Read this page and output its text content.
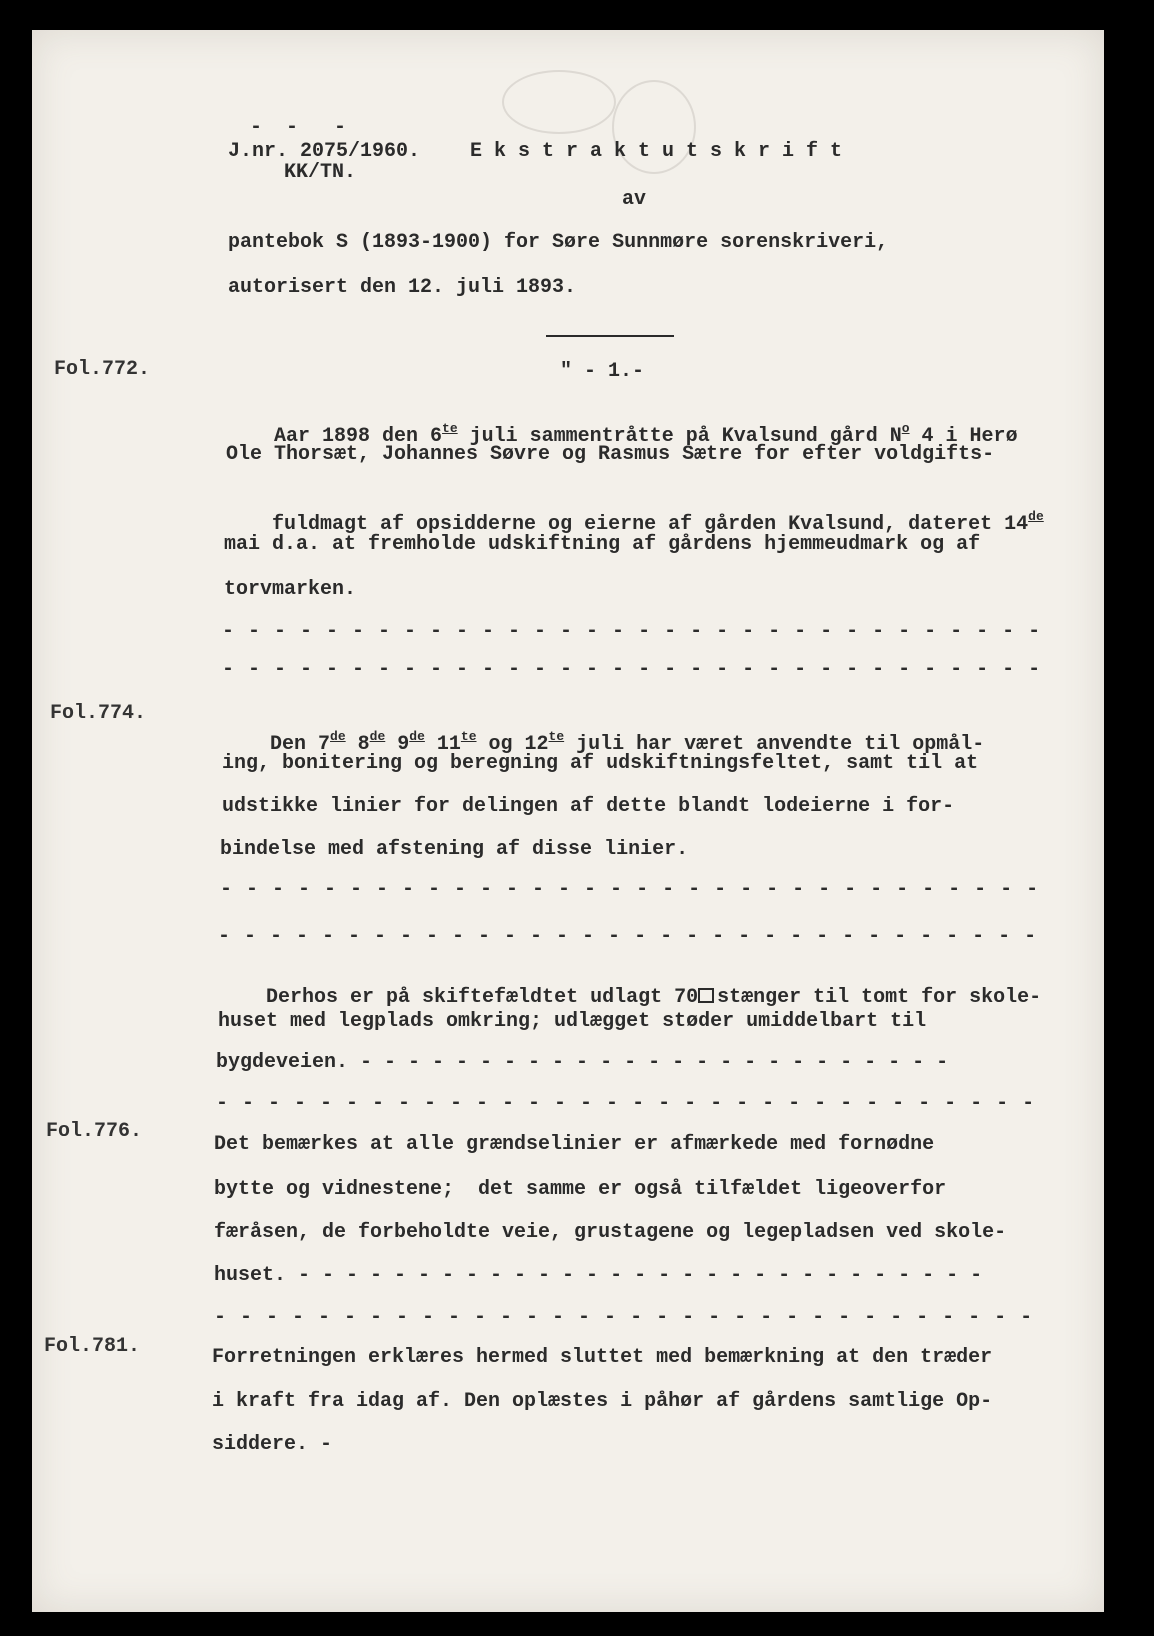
-  -   -
J.nr. 2075/1960. E k s t r a k t u t s k r i f t
KK/TN.
av
pantebok S (1893-1900) for Søre Sunnmøre sorenskriveri,
autorisert den 12. juli 1893.
" - 1.-
Fol.772.
Fol.774.
Fol.776.
Fol.781.

Aar 1898 den $6^{te}$ juli sammentråtte på Kvalsund gård $N^o$ 4 i Herø

Ole Thorsæt, Johannes Søvre og Rasmus Sætre for efter voldgifts-

fuldmagt af opsidderne og eierne af gården Kvalsund, dateret 14de

mai d.a. at fremholde udskiftning af gårdens hjemmeudmark og af
torvmarken.
- - - - - - - - - - - - - - - - - - - - - - - - - - - - - - - -
- - - - - - - - - - - - - - - - - - - - - - - - - - - - - - - -

Den 7de 8de 9de $11^{te}$ og $12^{te}$ juli har været anvendte til opmål-

ing, bonitering og beregning af udskiftningsfeltet, samt til at
udstikke linier for delingen af dette blandt lodeierne i for-
bindelse med afstening af disse linier.
- - - - - - - - - - - - - - - - - - - - - - - - - - - - - - - -
- - - - - - - - - - - - - - - - - - - - - - - - - - - - - - - -

Derhos er på skiftefældtet udlagt 70 stænger til tomt for skole-

huset med legplads omkring; udlægget støder umiddelbart til
bygdeveien. - - - - - - - - - - - - - - - - - - - - - - - - -
- - - - - - - - - - - - - - - - - - - - - - - - - - - - - - - -
Det bemærkes at alle grændselinier er afmærkede med fornødne
bytte og vidnestene;  det samme er også tilfældet ligeoverfor
færåsen, de forbeholdte veie, grustagene og legepladsen ved skole-
huset. - - - - - - - - - - - - - - - - - - - - - - - - - - - - -
- - - - - - - - - - - - - - - - - - - - - - - - - - - - - - - -
Forretningen erklæres hermed sluttet med bemærkning at den træder
i kraft fra idag af. Den oplæstes i påhør af gårdens samtlige Op-
siddere. -
